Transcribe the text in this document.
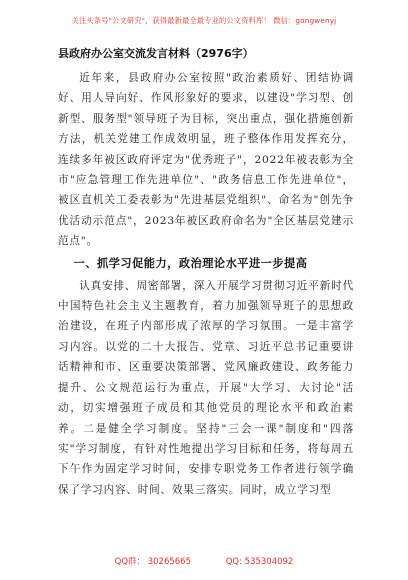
关注头条号"公文研究"，获得最新最全最专业的公文资料库！ 微信：gongwenyj
县政府办公室交流发言材料（2976字）

近年来，县政府办公室按照"政治素质好、团结协调好、用人导向好、作风形象好的要求，以建设"学习型、创新型、服务型"领导班子为目标，突出重点，强化措施创新方法，机关党建工作成效明显，班子整体作用发挥充分，连续多年被区政府评定为"优秀班子"，2022年被表彰为全市"应急管理工作先进单位"、"政务信息工作先进单位"，被区直机关工委表彰为"先进基层党组织"、命名为"创先争优活动示范点"，2023年被区政府命名为"全区基层党建示范点"。

一、抓学习促能力，政治理论水平进一步提高

认真安排、周密部署，深入开展学习贯彻习近平新时代中国特色社会主义主题教育，着力加强领导班子的思想政治建设，在班子内部形成了浓厚的学习氛围。一是丰富学习内容。以党的二十大报告、党章、习近平总书记重要讲话精神和市、区重要决策部署、党风廉政建设、政务能力提升、公文规范运行为重点，开展"大学习、大讨论"活动，切实增强班子成员和其他党员的理论水平和政治素养。二是健全学习制度。坚持"三会一课"制度和"四落实"学习制度，有针对性地提出学习目标和任务，将每周五下午作为固定学习时间，安排专职党务工作者进行领学确保了学习内容、时间、效果三落实。同时，成立学习型

QQ群： 30265665	QQ: 535304092
